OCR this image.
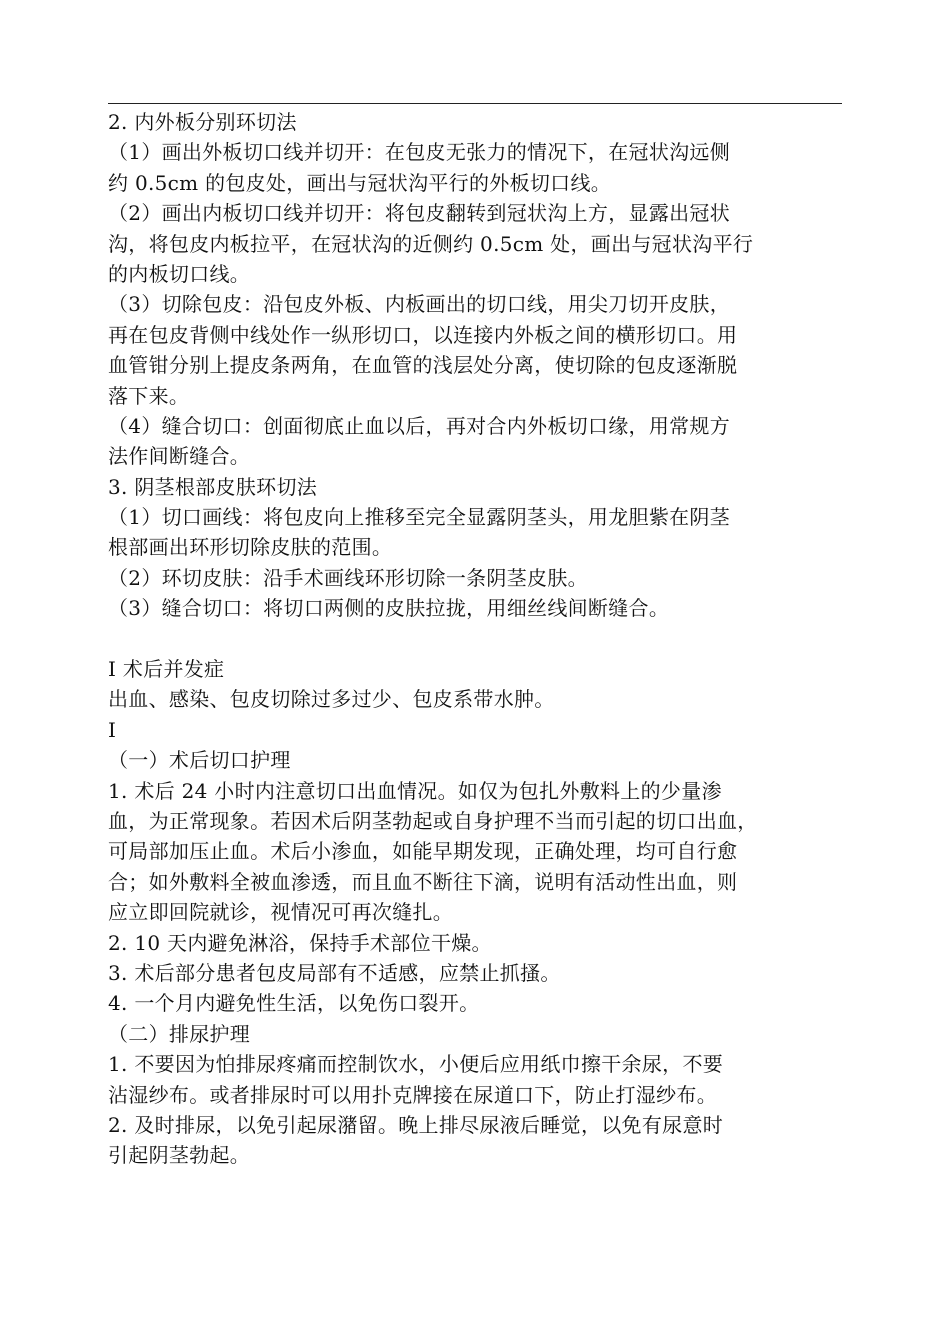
2. 内外板分别环切法
（1）画出外板切口线并切开：在包皮无张力的情况下，在冠状沟远侧
约 0.5cm 的包皮处，画出与冠状沟平行的外板切口线。
（2）画出内板切口线并切开：将包皮翻转到冠状沟上方，显露出冠状
沟，将包皮内板拉平，在冠状沟的近侧约 0.5cm 处，画出与冠状沟平行
的内板切口线。
（3）切除包皮：沿包皮外板、内板画出的切口线，用尖刀切开皮肤，
再在包皮背侧中线处作一纵形切口，以连接内外板之间的横形切口。用
血管钳分别上提皮条两角，在血管的浅层处分离，使切除的包皮逐渐脱
落下来。
（4）缝合切口：创面彻底止血以后，再对合内外板切口缘，用常规方
法作间断缝合。
3. 阴茎根部皮肤环切法
（1）切口画线：将包皮向上推移至完全显露阴茎头，用龙胆紫在阴茎
根部画出环形切除皮肤的范围。
（2）环切皮肤：沿手术画线环形切除一条阴茎皮肤。
（3）缝合切口：将切口两侧的皮肤拉拢，用细丝线间断缝合。
I 术后并发症
出血、感染、包皮切除过多过少、包皮系带水肿。
I
（一）术后切口护理
1. 术后 24 小时内注意切口出血情况。如仅为包扎外敷料上的少量渗
血，为正常现象。若因术后阴茎勃起或自身护理不当而引起的切口出血，
可局部加压止血。术后小渗血，如能早期发现，正确处理，均可自行愈
合；如外敷料全被血渗透，而且血不断往下滴，说明有活动性出血，则
应立即回院就诊，视情况可再次缝扎。
2. 10 天内避免淋浴，保持手术部位干燥。
3. 术后部分患者包皮局部有不适感，应禁止抓搔。
4. 一个月内避免性生活，以免伤口裂开。
（二）排尿护理
1. 不要因为怕排尿疼痛而控制饮水，小便后应用纸巾擦干余尿，不要
沾湿纱布。或者排尿时可以用扑克牌接在尿道口下，防止打湿纱布。
2. 及时排尿，以免引起尿潴留。晚上排尽尿液后睡觉，以免有尿意时
引起阴茎勃起。
